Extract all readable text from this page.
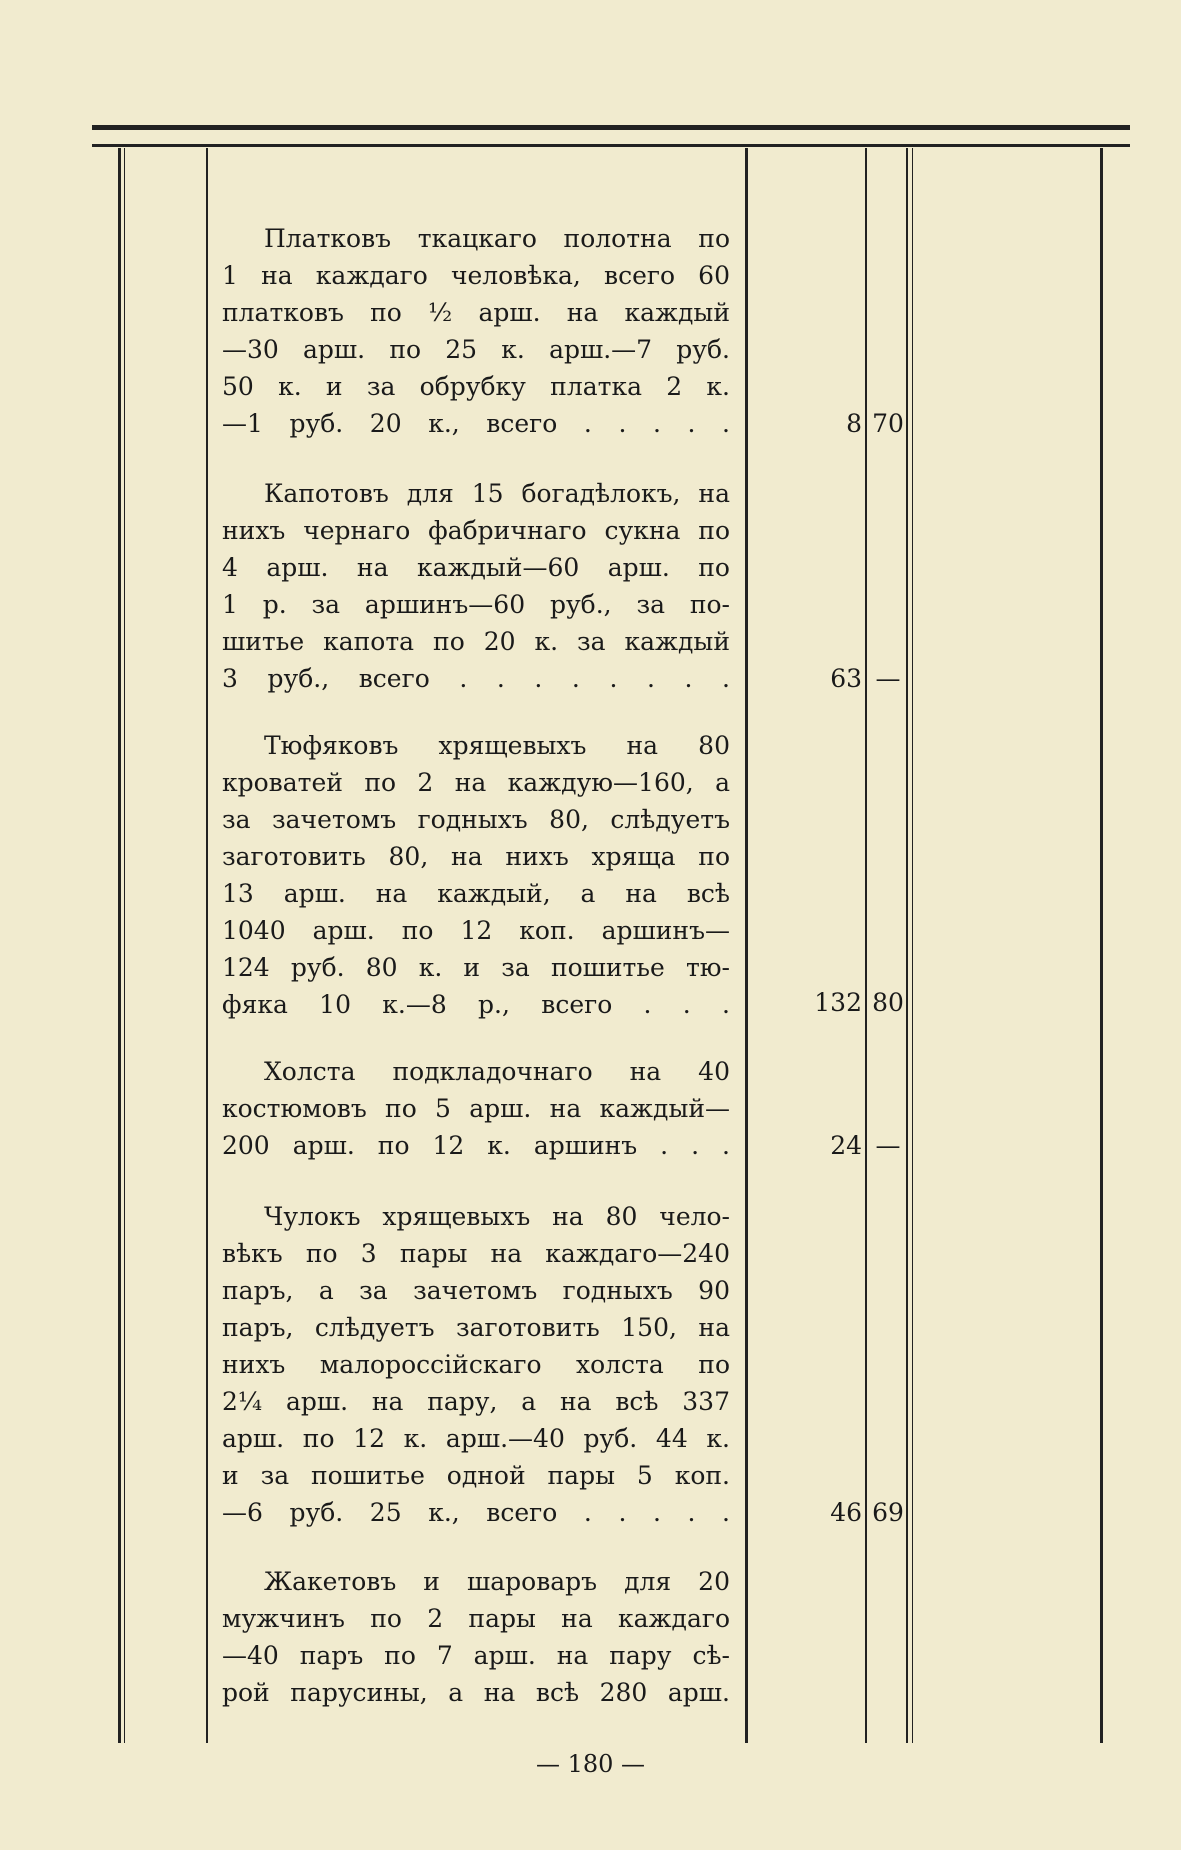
Платковъ ткацкаго полотна по
1 на каждаго человѣка, всего 60
платковъ по ½ арш. на каждый
—30 арш. по 25 к. арш.—7 руб.
50 к. и за обрубку платка 2 к.
—1 руб. 20 к., всего . . . . .	8 70
Капотовъ для 15 богадѣлокъ, на
нихъ чернаго фабричнаго сукна по
4 арш. на каждый—60 арш. по
1 р. за аршинъ—60 руб., за по-
шитье капота по 20 к. за каждый
3 руб., всего . . . . . . . .	63 —
Тюфяковъ хрящевыхъ на 80
кроватей по 2 на каждую—160, а
за зачетомъ годныхъ 80, слѣдуетъ
заготовить 80, на нихъ хряща по
13 арш. на каждый, а на всѣ
1040 арш. по 12 коп. аршинъ—
124 руб. 80 к. и за пошитье тю-
фяка 10 к.—8 р., всего . . .	132 80
Холста подкладочнаго на 40
костюмовъ по 5 арш. на каждый—
200 арш. по 12 к. аршинъ . . .	24 —
Чулокъ хрящевыхъ на 80 чело-
вѣкъ по 3 пары на каждаго—240
паръ, а за зачетомъ годныхъ 90
паръ, слѣдуетъ заготовить 150, на
нихъ малороссійскаго холста по
2¼ арш. на пару, а на всѣ 337
арш. по 12 к. арш.—40 руб. 44 к.
и за пошитье одной пары 5 коп.
—6 руб. 25 к., всего . . . . .	46 69
Жакетовъ и шароваръ для 20
мужчинъ по 2 пары на каждаго
—40 паръ по 7 арш. на пару сѣ-
рой парусины, а на всѣ 280 арш.
— 180 —
